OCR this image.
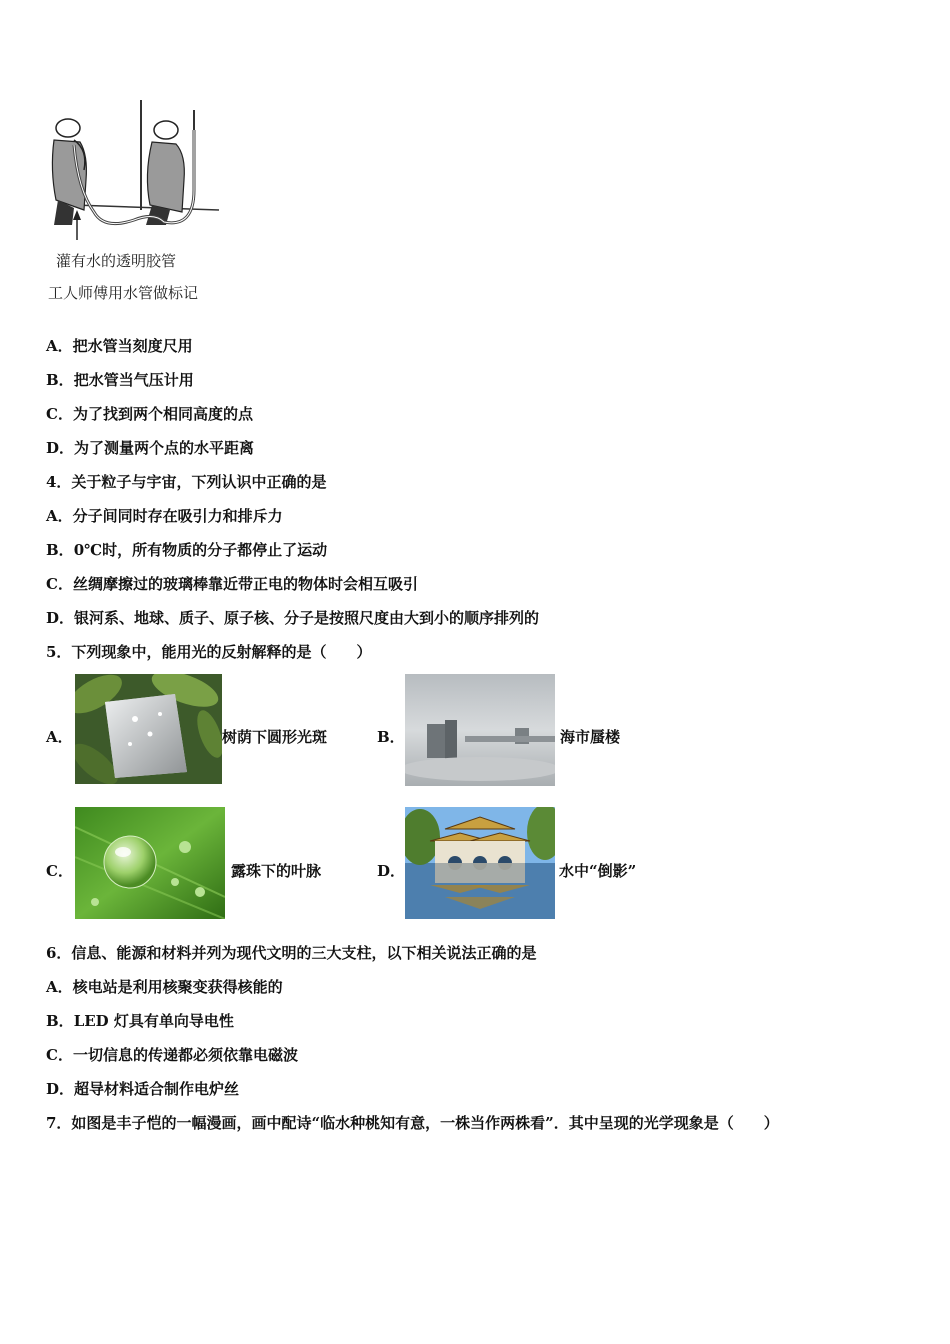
灌有水的透明胶管
工人师傅用水管做标记
A．把水管当刻度尺用
B．把水管当气压计用
C．为了找到两个相同高度的点
D．为了测量两个点的水平距离
4．关于粒子与宇宙，下列认识中正确的是
A．分子间同时存在吸引力和排斥力
B．0℃时，所有物质的分子都停止了运动
C．丝绸摩擦过的玻璃棒靠近带正电的物体时会相互吸引
D．银河系、地球、质子、原子核、分子是按照尺度由大到小的顺序排列的
5．下列现象中，能用光的反射解释的是（　　）
A．	树荫下圆形光斑	B．	海市蜃楼
C．	露珠下的叶脉	D．	水中“倒影”
6．信息、能源和材料并列为现代文明的三大支柱，以下相关说法正确的是
A．核电站是利用核聚变获得核能的
B．LED 灯具有单向导电性
C．一切信息的传递都必须依靠电磁波
D．超导材料适合制作电炉丝
7．如图是丰子恺的一幅漫画，画中配诗“临水种桃知有意，一株当作两株看”．其中呈现的光学现象是（　　）
